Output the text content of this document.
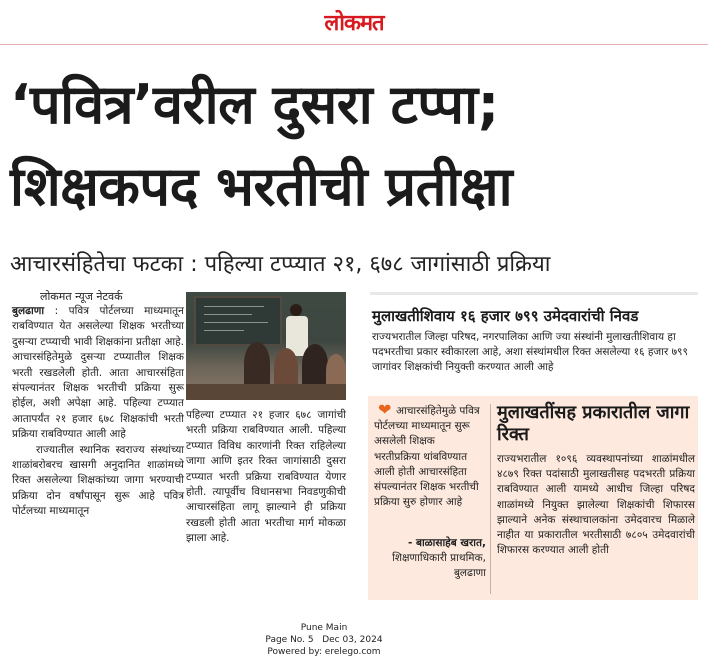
लोकमत
‘पवित्र’वरील दुसरा टप्पा;
शिक्षकपद भरतीची प्रतीक्षा
आचारसंहितेचा फटका : पहिल्या टप्प्यात २१, ६७८ जागांसाठी प्रक्रिया
लोकमत न्यूज नेटवर्क

बुलढाणा : पवित्र पोर्टलच्या माध्यमातून राबविण्यात येत असलेल्या शिक्षक भरतीच्या दुसऱ्या टप्प्याची भावी शिक्षकांना प्रतीक्षा आहे. आचारसंहितेमुळे दुसऱ्या टप्प्यातील शिक्षक भरती रखडलेली होती. आता आचारसंहिता संपल्यानंतर शिक्षक भरतीची प्रक्रिया सुरू होईल, अशी अपेक्षा आहे. पहिल्या टप्प्यात आतापर्यंत २१ हजार ६७८ शिक्षकांची भरती प्रक्रिया राबविण्यात आली आहे

राज्यातील स्थानिक स्वराज्य संस्थांच्या शाळांबरोबरच खासगी अनुदानित शाळांमध्ये रिक्त असलेल्या शिक्षकांच्या जागा भरण्याची प्रक्रिया दोन वर्षांपासून सुरू आहे पवित्र पोर्टलच्या माध्यमातून

पहिल्या टप्प्यात २१ हजार ६७८ जागांची भरती प्रक्रिया राबविण्यात आली. पहिल्या टप्प्यात विविध कारणांनी रिक्त राहिलेल्या जागा आणि इतर रिक्त जागांसाठी दुसरा टप्प्यात भरती प्रक्रिया राबविण्यात येणार होती. त्यापूर्वीच विधानसभा निवडणुकीची आचारसंहिता लागू झाल्याने ही प्रक्रिया रखडली होती आता भरतीचा मार्ग मोकळा झाला आहे.
मुलाखतीशिवाय १६ हजार ७९९ उमेदवारांची निवड
राज्यभरातील जिल्हा परिषद, नगरपालिका आणि ज्या संस्थांनी मुलाखतीशिवाय हा पदभरतीचा प्रकार स्वीकारला आहे, अशा संस्थांमधील रिक्त असलेल्या १६ हजार ७९९ जागांवर शिक्षकांची नियुक्ती करण्यात आली आहे
❤ आचारसंहितेमुळे पवित्र पोर्टलच्या माध्यमातून सुरू असलेली शिक्षक भरतीप्रक्रिया थांबविण्यात आली होती आचारसंहिता संपल्यानंतर शिक्षक भरतीची प्रक्रिया सुरु होणार आहे

- बाळासाहेब खरात,
शिक्षणाधिकारी प्राथमिक, बुलढाणा
मुलाखतींसह प्रकारातील जागा रिक्त
राज्यभरातील १०९६ व्यवस्थापनांच्या शाळांमधील ४८७९ रिक्त पदांसाठी मुलाखतीसह पदभरती प्रक्रिया राबविण्यात आली यामध्ये आधीच जिल्हा परिषद शाळांमध्ये नियुक्त झालेल्या शिक्षकांची शिफारस झाल्याने अनेक संस्थाचालकांना उमेदवारच मिळाले नाहीत या प्रकारातील भरतीसाठी ७८०५ उमेदवारांची शिफारस करण्यात आली होती
Pune Main
Page No. 5 Dec 03, 2024
Powered by: erelego.com
